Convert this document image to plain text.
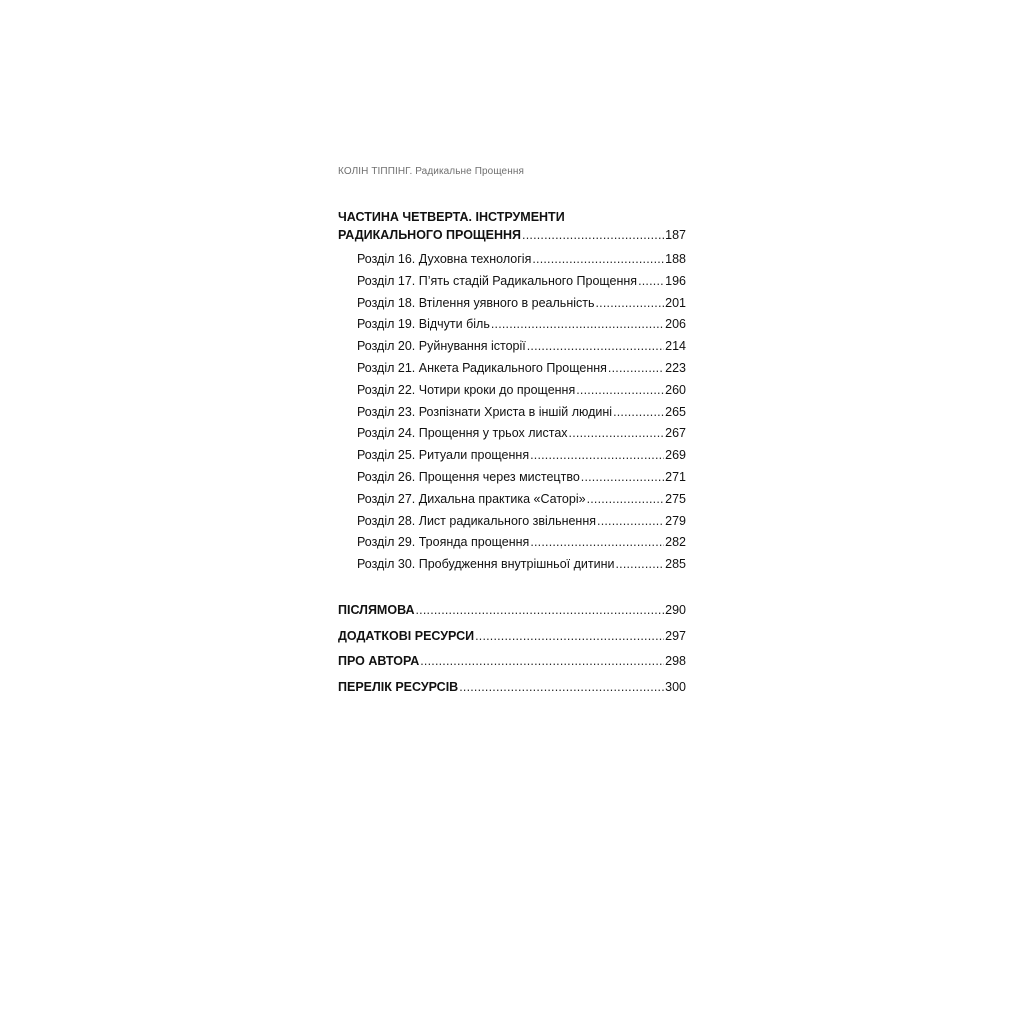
КОЛІН ТІППІНГ. Радикальне Прощення
ЧАСТИНА ЧЕТВЕРТА. ІНСТРУМЕНТИ
РАДИКАЛЬНОГО ПРОЩЕННЯ .....	187
Розділ 16. Духовна технологія .....	188
Розділ 17. П’ять стадій Радикального Прощення ..... 196
Розділ 18. Втілення уявного в реальність .....	201
Розділ 19. Відчути біль .....	206
Розділ 20. Руйнування історії .....	214
Розділ 21. Анкета Радикального Прощення .....	223
Розділ 22. Чотири кроки до прощення .....	260
Розділ 23. Розпізнати Христа в іншій людині .....	265
Розділ 24. Прощення у трьох листах .....	267
Розділ 25. Ритуали прощення .....	269
Розділ 26. Прощення через мистецтво .....	271
Розділ 27. Дихальна практика «Саторі» .....	275
Розділ 28. Лист радикального звільнення .....	279
Розділ 29. Троянда прощення .....	282
Розділ 30. Пробудження внутрішньої дитини .....	285
ПІСЛЯМОВА .....	290
ДОДАТКОВІ РЕСУРСИ .....	297
ПРО АВТОРА .....	298
ПЕРЕЛІК РЕСУРСІВ .....	300
